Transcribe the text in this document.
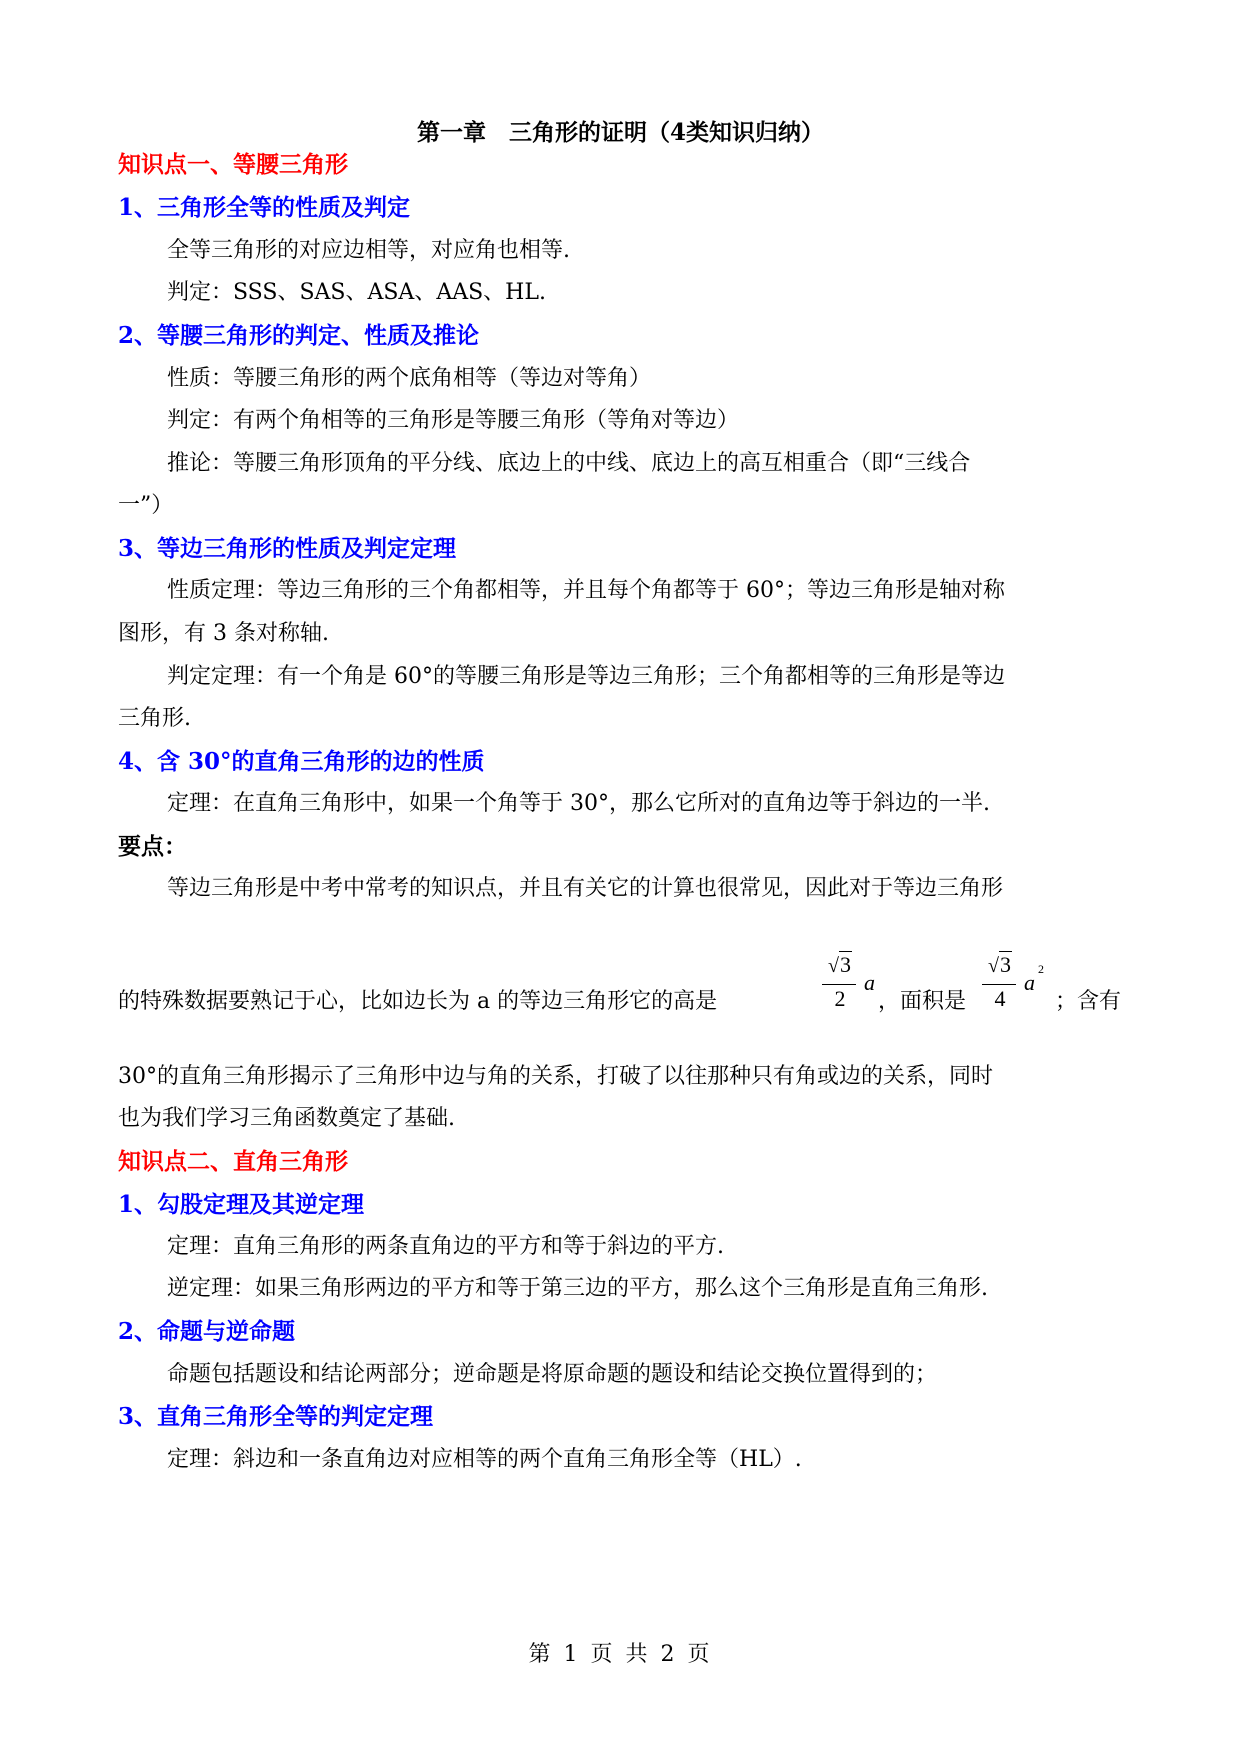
第一章　三角形的证明（4类知识归纳）
知识点一、等腰三角形
1、三角形全等的性质及判定
全等三角形的对应边相等，对应角也相等.
判定：SSS、SAS、ASA、AAS、HL.
2、等腰三角形的判定、性质及推论
性质：等腰三角形的两个底角相等（等边对等角）
判定：有两个角相等的三角形是等腰三角形（等角对等边）
推论：等腰三角形顶角的平分线、底边上的中线、底边上的高互相重合（即“三线合
一”）
3、等边三角形的性质及判定定理
性质定理：等边三角形的三个角都相等，并且每个角都等于 60°；等边三角形是轴对称
图形，有 3 条对称轴.
判定定理：有一个角是 60°的等腰三角形是等边三角形；三个角都相等的三角形是等边
三角形.
4、含 30°的直角三角形的边的性质
定理：在直角三角形中，如果一个角等于 30°，那么它所对的直角边等于斜边的一半.
要点：
等边三角形是中考中常考的知识点，并且有关它的计算也很常见，因此对于等边三角形
的特殊数据要熟记于心，比如边长为 a 的等边三角形它的高是
√3
2
a
，面积是
√3
4
a
2
；含有
30°的直角三角形揭示了三角形中边与角的关系，打破了以往那种只有角或边的关系，同时
也为我们学习三角函数奠定了基础.
知识点二、直角三角形
1、勾股定理及其逆定理
定理：直角三角形的两条直角边的平方和等于斜边的平方.
逆定理：如果三角形两边的平方和等于第三边的平方，那么这个三角形是直角三角形.
2、命题与逆命题
命题包括题设和结论两部分；逆命题是将原命题的题设和结论交换位置得到的；
3、直角三角形全等的判定定理
定理：斜边和一条直角边对应相等的两个直角三角形全等（HL）.
第 1 页 共 2 页
